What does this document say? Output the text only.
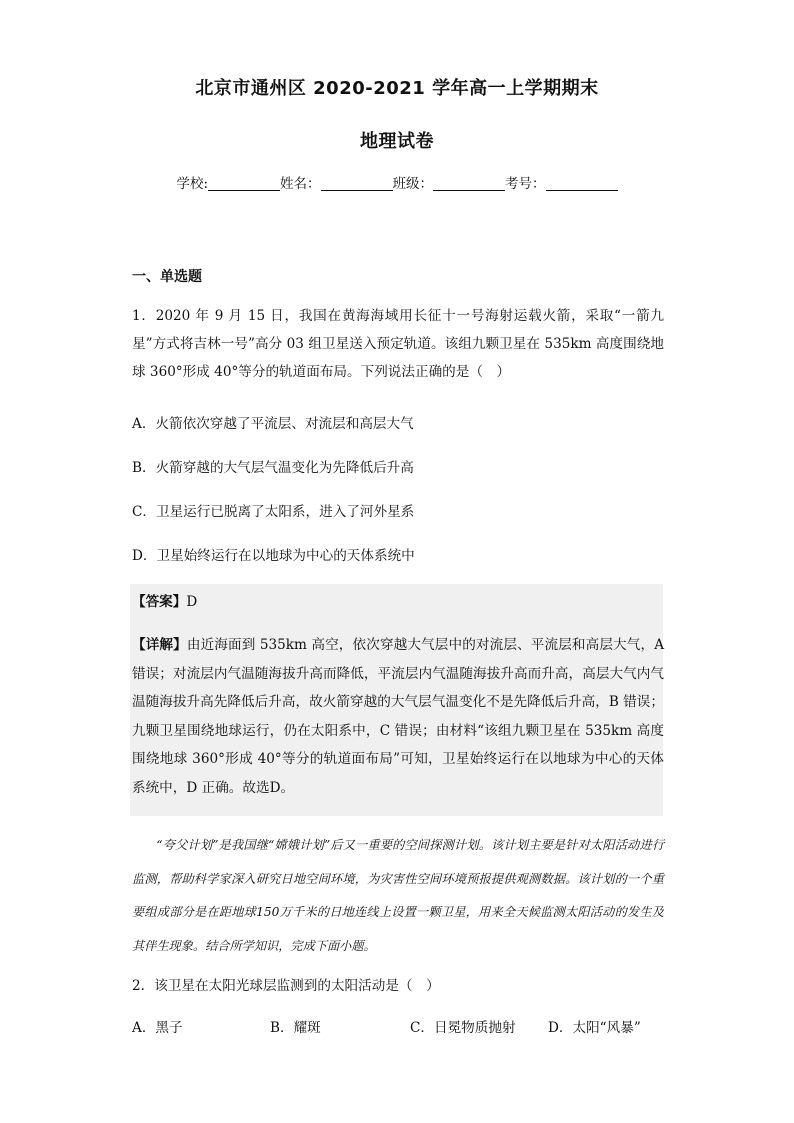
北京市通州区 2020-2021 学年高一上学期期末
地理试卷
学校:	姓名：	班级：	考号：
一、单选题
1．2020 年 9 月 15 日，我国在黄海海域用长征十一号海射运载火箭，采取“一箭九星”方式将吉林一号”高分 03 组卫星送入预定轨道。该组九颗卫星在 535km 高度围绕地球 360°形成 40°等分的轨道面布局。下列说法正确的是（　）
A．火箭依次穿越了平流层、对流层和高层大气
B．火箭穿越的大气层气温变化为先降低后升高
C．卫星运行已脱离了太阳系，进入了河外星系
D．卫星始终运行在以地球为中心的天体系统中
【答案】D
【详解】由近海面到 535km 高空，依次穿越大气层中的对流层、平流层和高层大气，A 错误；对流层内气温随海拔升高而降低，平流层内气温随海拔升高而升高，高层大气内气温随海拔升高先降低后升高，故火箭穿越的大气层气温变化不是先降低后升高，B 错误；九颗卫星围绕地球运行，仍在太阳系中，C 错误；由材料“该组九颗卫星在 535km 高度围绕地球 360°形成 40°等分的轨道面布局”可知，卫星始终运行在以地球为中心的天体系统中，D 正确。故选D。
  “夸父计划”是我国继“嫦娥计划”后又一重要的空间探测计划。该计划主要是针对太阳活动进行监测，帮助科学家深入研究日地空间环境，为灾害性空间环境预报提供观测数据。该计划的一个重要组成部分是在距地球150万千米的日地连线上设置一颗卫星，用来全天候监测太阳活动的发生及其伴生现象。结合所学知识，完成下面小题。
2．该卫星在太阳光球层监测到的太阳活动是（　）
A．黑子	B．耀斑	C．日冕物质抛射 D．太阳“风暴”
